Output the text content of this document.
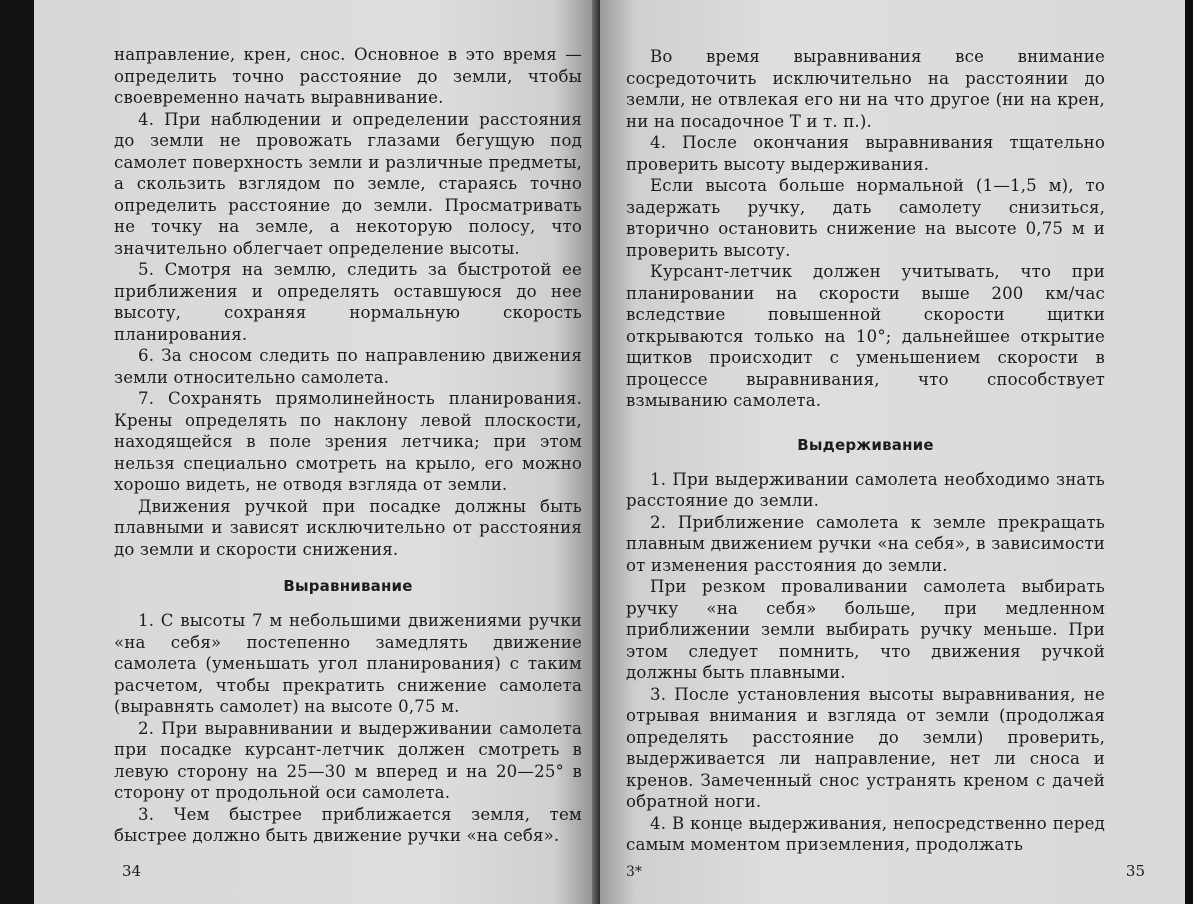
направление, крен, снос. Основное в это время — определить точно расстояние до земли, чтобы своевременно начать выравнивание.

4. При наблюдении и определении расстояния до земли не провожать глазами бегущую под самолет поверхность земли и различные предметы, а скользить взглядом по земле, стараясь точно определить расстояние до земли. Просматривать не точку на земле, а некоторую полосу, что значительно облегчает определение высоты.

5. Смотря на землю, следить за быстротой ее приближения и определять оставшуюся до нее высоту, сохраняя нормальную скорость планирования.

6. За сносом следить по направлению движения земли относительно самолета.

7. Сохранять прямолинейность планирования. Крены определять по наклону левой плоскости, находящейся в поле зрения летчика; при этом нельзя специально смотреть на крыло, его можно хорошо видеть, не отводя взгляда от земли.

Движения ручкой при посадке должны быть плавными и зависят исключительно от расстояния до земли и скорости снижения.

Выравнивание

1. С высоты 7 м небольшими движениями ручки «на себя» постепенно замедлять движение самолета (уменьшать угол планирования) с таким расчетом, чтобы прекратить снижение самолета (выравнять самолет) на высоте 0,75 м.

2. При выравнивании и выдерживании самолета при посадке курсант-летчик должен смотреть в левую сторону на 25—30 м вперед и на 20—25° в сторону от продольной оси самолета.

3. Чем быстрее приближается земля, тем быстрее должно быть движение ручки «на себя».

34

Во время выравнивания все внимание сосредоточить исключительно на расстоянии до земли, не отвлекая его ни на что другое (ни на крен, ни на посадочное Т и т. п.).

4. После окончания выравнивания тщательно проверить высоту выдерживания.

Если высота больше нормальной (1—1,5 м), то задержать ручку, дать самолету снизиться, вторично остановить снижение на высоте 0,75 м и проверить высоту.

Курсант-летчик должен учитывать, что при планировании на скорости выше 200 км/час вследствие повышенной скорости щитки открываются только на 10°; дальнейшее открытие щитков происходит с уменьшением скорости в процессе выравнивания, что способствует взмыванию самолета.

Выдерживание

1. При выдерживании самолета необходимо знать расстояние до земли.

2. Приближение самолета к земле прекращать плавным движением ручки «на себя», в зависимости от изменения расстояния до земли.

При резком проваливании самолета выбирать ручку «на себя» больше, при медленном приближении земли выбирать ручку меньше. При этом следует помнить, что движения ручкой должны быть плавными.

3. После установления высоты выравнивания, не отрывая внимания и взгляда от земли (продолжая определять расстояние до земли) проверить, выдерживается ли направление, нет ли сноса и кренов. Замеченный снос устранять креном с дачей обратной ноги.

4. В конце выдерживания, непосредственно перед самым моментом приземления, продолжать

3*	35
